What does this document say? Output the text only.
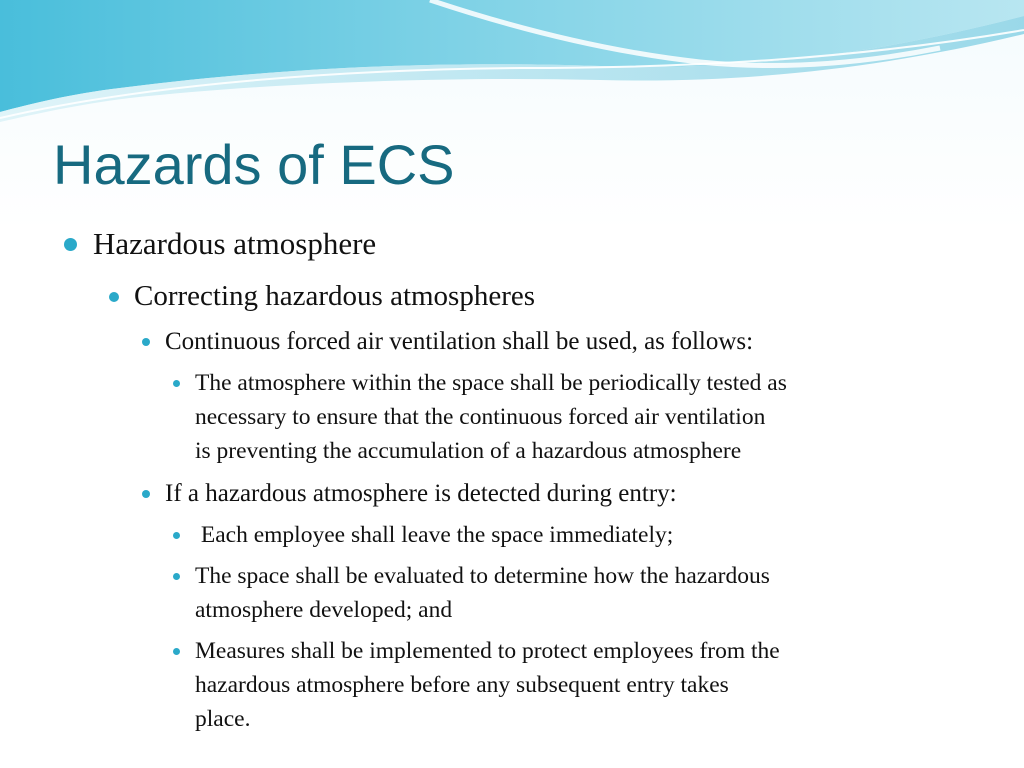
Hazards of ECS

Hazardous atmosphere

Correcting hazardous atmospheres

Continuous forced air ventilation shall be used, as follows:

The atmosphere within the space shall be periodically tested as

necessary to ensure that the continuous forced air ventilation

is preventing the accumulation of a hazardous atmosphere

If a hazardous atmosphere is detected during entry:

Each employee shall leave the space immediately;

The space shall be evaluated to determine how the hazardous

atmosphere developed; and

Measures shall be implemented to protect employees from the

hazardous atmosphere before any subsequent entry takes

place.
